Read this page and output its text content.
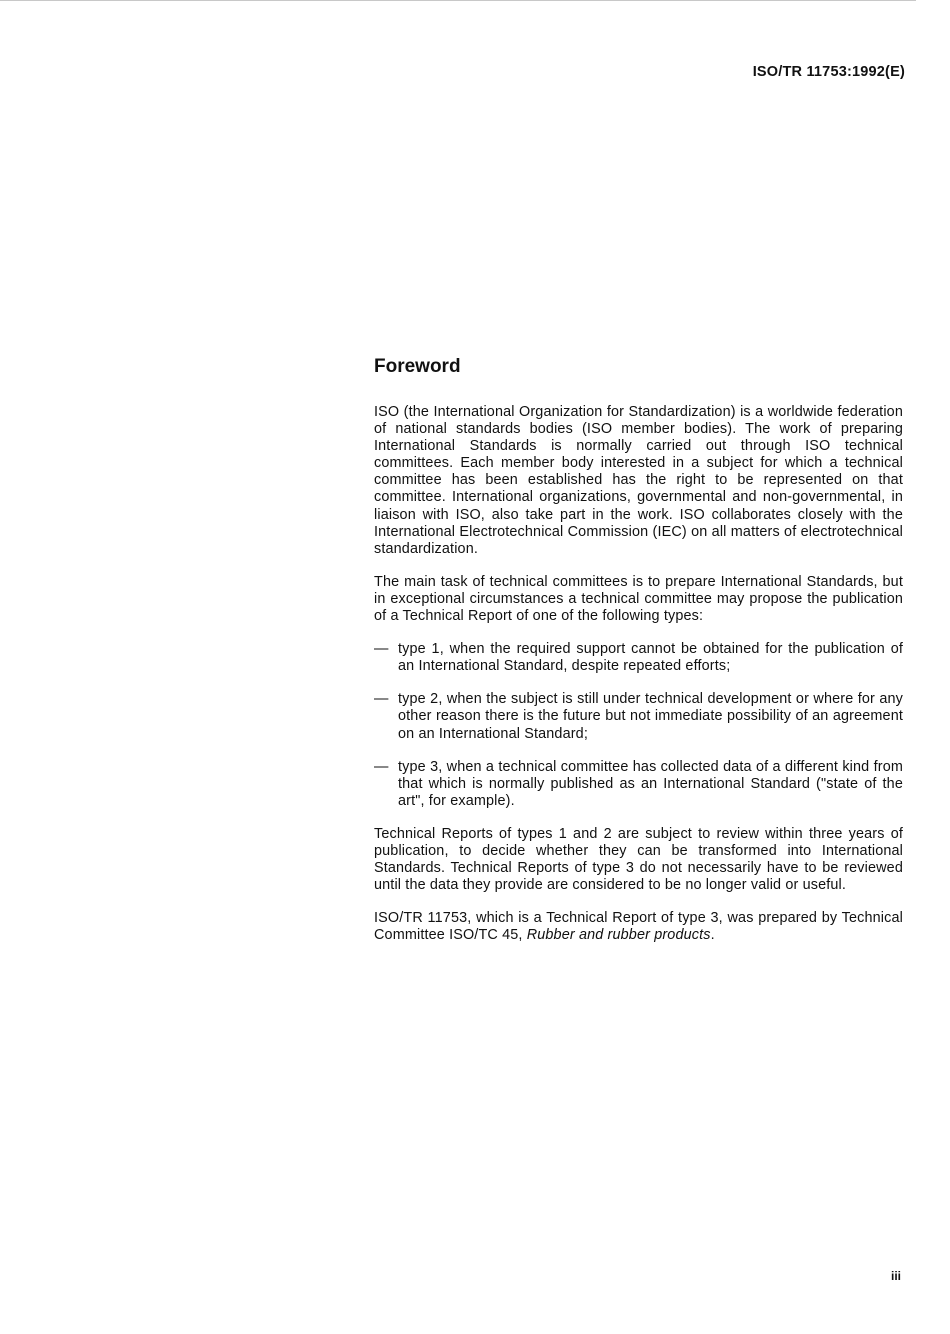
ISO/TR 11753:1992(E)
Foreword

ISO (the International Organization for Standardization) is a worldwide federation of national standards bodies (ISO member bodies). The work of preparing International Standards is normally carried out through ISO technical committees. Each member body interested in a subject for which a technical committee has been established has the right to be represented on that committee. International organizations, governmental and non-governmental, in liaison with ISO, also take part in the work. ISO collaborates closely with the International Electrotechnical Commission (IEC) on all matters of electrotechnical standardization.

The main task of technical committees is to prepare International Standards, but in exceptional circumstances a technical committee may propose the publication of a Technical Report of one of the following types:

— type 1, when the required support cannot be obtained for the publication of an International Standard, despite repeated efforts;
— type 2, when the subject is still under technical development or where for any other reason there is the future but not immediate possibility of an agreement on an International Standard;
— type 3, when a technical committee has collected data of a different kind from that which is normally published as an International Standard ("state of the art", for example).

Technical Reports of types 1 and 2 are subject to review within three years of publication, to decide whether they can be transformed into International Standards. Technical Reports of type 3 do not necessarily have to be reviewed until the data they provide are considered to be no longer valid or useful.

ISO/TR 11753, which is a Technical Report of type 3, was prepared by Technical Committee ISO/TC 45, Rubber and rubber products.

iii
